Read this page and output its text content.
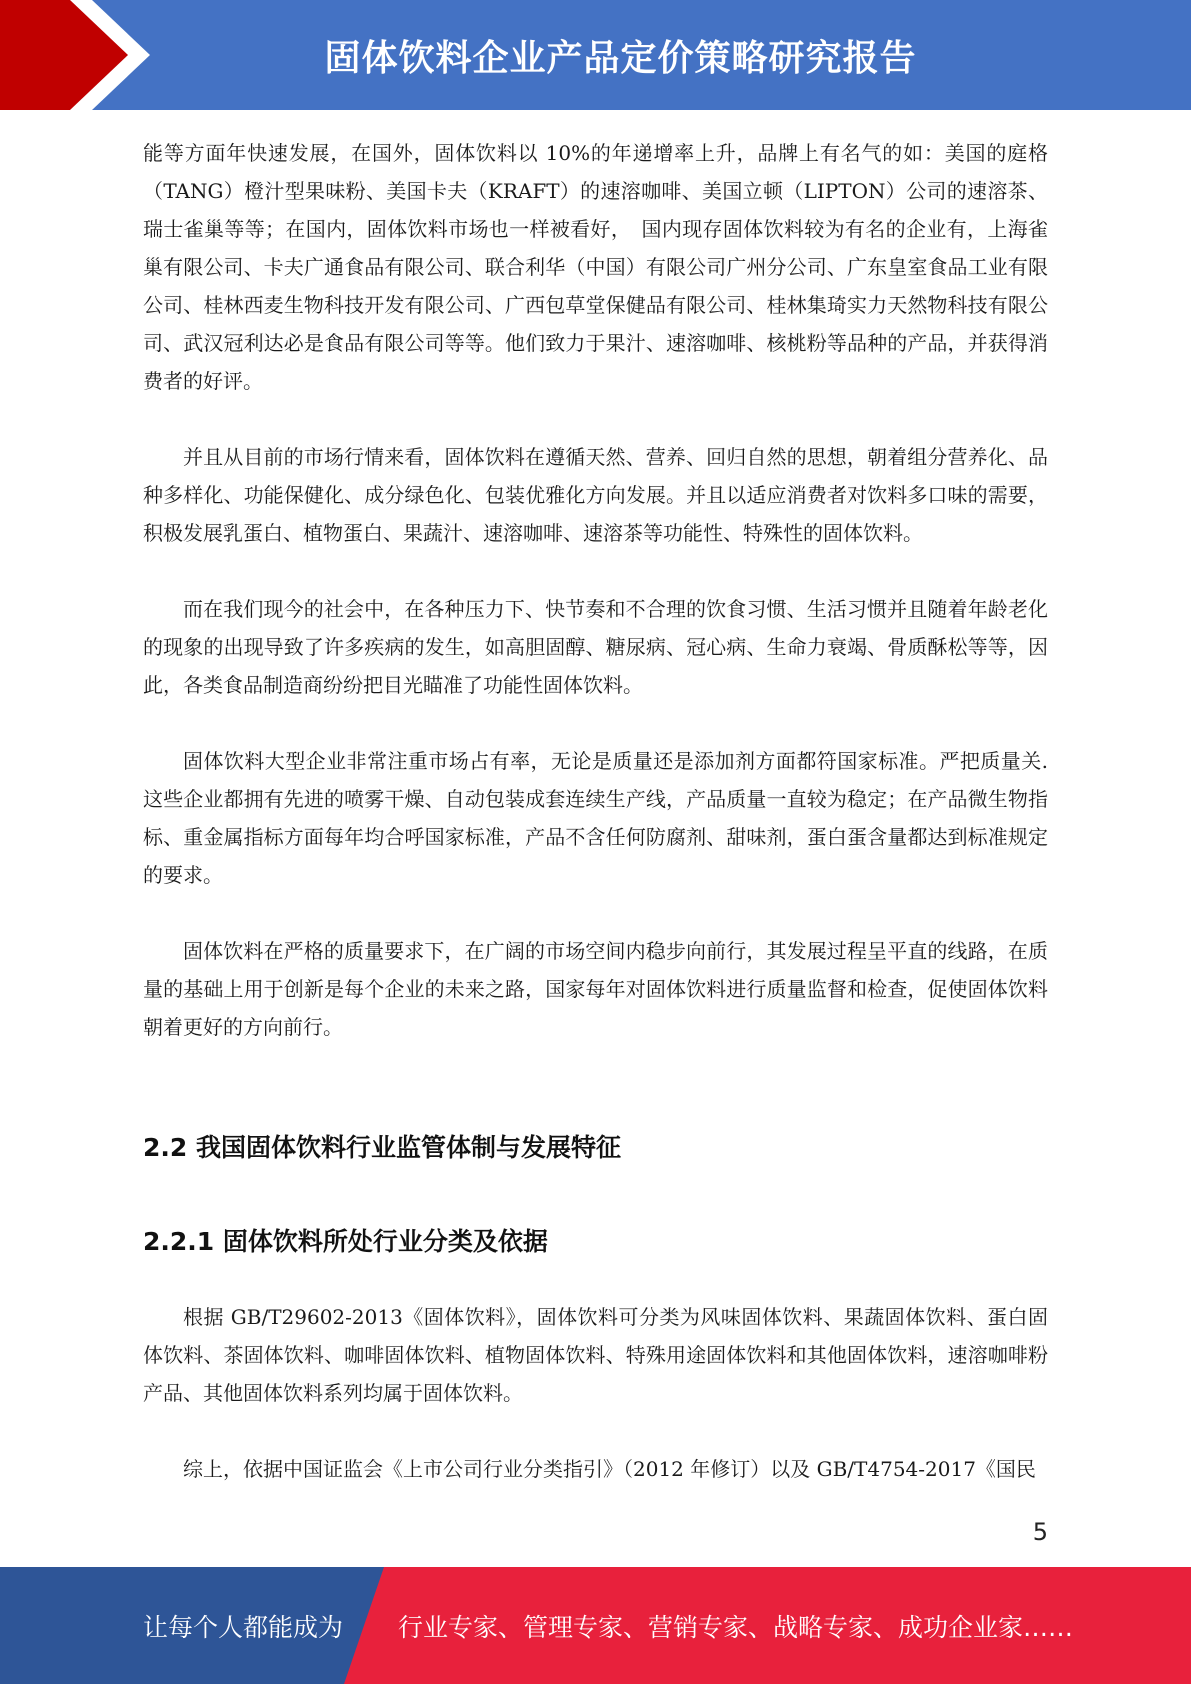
固体饮料企业产品定价策略研究报告

能等方面年快速发展，在国外，固体饮料以 10%的年递增率上升，品牌上有名气的如：美国的庭格（TANG）橙汁型果味粉、美国卡夫（KRAFT）的速溶咖啡、美国立顿（LIPTON）公司的速溶茶、瑞士雀巢等等；在国内，固体饮料市场也一样被看好，　国内现存固体饮料较为有名的企业有，上海雀巢有限公司、卡夫广通食品有限公司、联合利华（中国）有限公司广州分公司、广东皇室食品工业有限公司、桂林西麦生物科技开发有限公司、广西包草堂保健品有限公司、桂林集琦实力天然物科技有限公司、武汉冠利达必是食品有限公司等等。他们致力于果汁、速溶咖啡、核桃粉等品种的产品，并获得消费者的好评。

并且从目前的市场行情来看，固体饮料在遵循天然、营养、回归自然的思想，朝着组分营养化、品种多样化、功能保健化、成分绿色化、包装优雅化方向发展。并且以适应消费者对饮料多口味的需要，积极发展乳蛋白、植物蛋白、果蔬汁、速溶咖啡、速溶茶等功能性、特殊性的固体饮料。

而在我们现今的社会中，在各种压力下、快节奏和不合理的饮食习惯、生活习惯并且随着年龄老化的现象的出现导致了许多疾病的发生，如高胆固醇、糖尿病、冠心病、生命力衰竭、骨质酥松等等，因此，各类食品制造商纷纷把目光瞄准了功能性固体饮料。

固体饮料大型企业非常注重市场占有率，无论是质量还是添加剂方面都符国家标准。严把质量关.这些企业都拥有先进的喷雾干燥、自动包装成套连续生产线，产品质量一直较为稳定；在产品微生物指标、重金属指标方面每年均合呼国家标准，产品不含任何防腐剂、甜味剂，蛋白蛋含量都达到标准规定的要求。

固体饮料在严格的质量要求下，在广阔的市场空间内稳步向前行，其发展过程呈平直的线路，在质量的基础上用于创新是每个企业的未来之路，国家每年对固体饮料进行质量监督和检查，促使固体饮料朝着更好的方向前行。

2.2 我国固体饮料行业监管体制与发展特征
2.2.1 固体饮料所处行业分类及依据

根据 GB/T29602-2013《固体饮料》，固体饮料可分类为风味固体饮料、果蔬固体饮料、蛋白固体饮料、茶固体饮料、咖啡固体饮料、植物固体饮料、特殊用途固体饮料和其他固体饮料，速溶咖啡粉产品、其他固体饮料系列均属于固体饮料。

综上，依据中国证监会《上市公司行业分类指引》（2012 年修订）以及 GB/T4754-2017《国民

5
让每个人都能成为 行业专家、管理专家、营销专家、战略专家、成功企业家……
